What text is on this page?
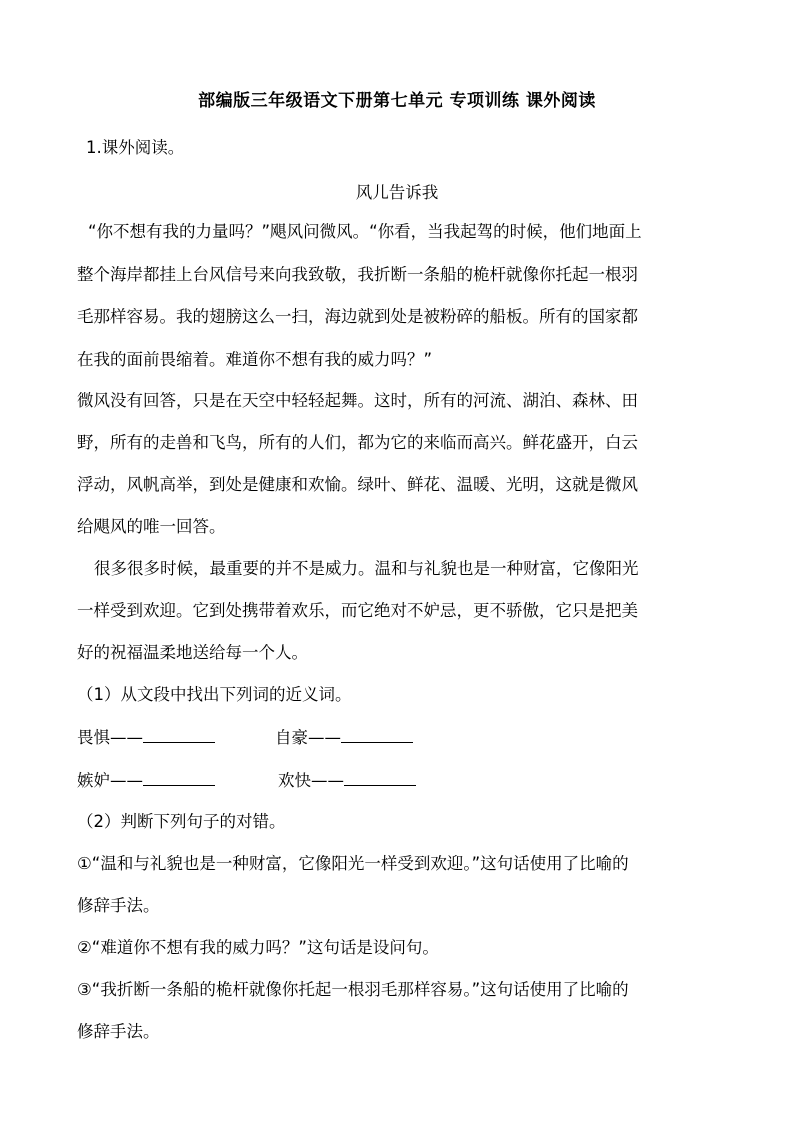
部编版三年级语文下册第七单元 专项训练 课外阅读
1.课外阅读。
风儿告诉我
“你不想有我的力量吗？”飓风问微风。“你看，当我起驾的时候，他们地面上
整个海岸都挂上台风信号来向我致敬，我折断一条船的桅杆就像你托起一根羽
毛那样容易。我的翅膀这么一扫，海边就到处是被粉碎的船板。所有的国家都
在我的面前畏缩着。难道你不想有我的威力吗？”
微风没有回答，只是在天空中轻轻起舞。这时，所有的河流、湖泊、森林、田
野，所有的走兽和飞鸟，所有的人们，都为它的来临而高兴。鲜花盛开，白云
浮动，风帆高举，到处是健康和欢愉。绿叶、鲜花、温暖、光明，这就是微风
给飓风的唯一回答。
很多很多时候，最重要的并不是威力。温和与礼貌也是一种财富，它像阳光
一样受到欢迎。它到处携带着欢乐，而它绝对不妒忌，更不骄傲，它只是把美
好的祝福温柔地送给每一个人。
（1）从文段中找出下列词的近义词。
畏惧——	自豪——
嫉妒——	欢快——
（2）判断下列句子的对错。
①“温和与礼貌也是一种财富，它像阳光一样受到欢迎。”这句话使用了比喻的
修辞手法。
②“难道你不想有我的威力吗？”这句话是设问句。
③“我折断一条船的桅杆就像你托起一根羽毛那样容易。”这句话使用了比喻的
修辞手法。
